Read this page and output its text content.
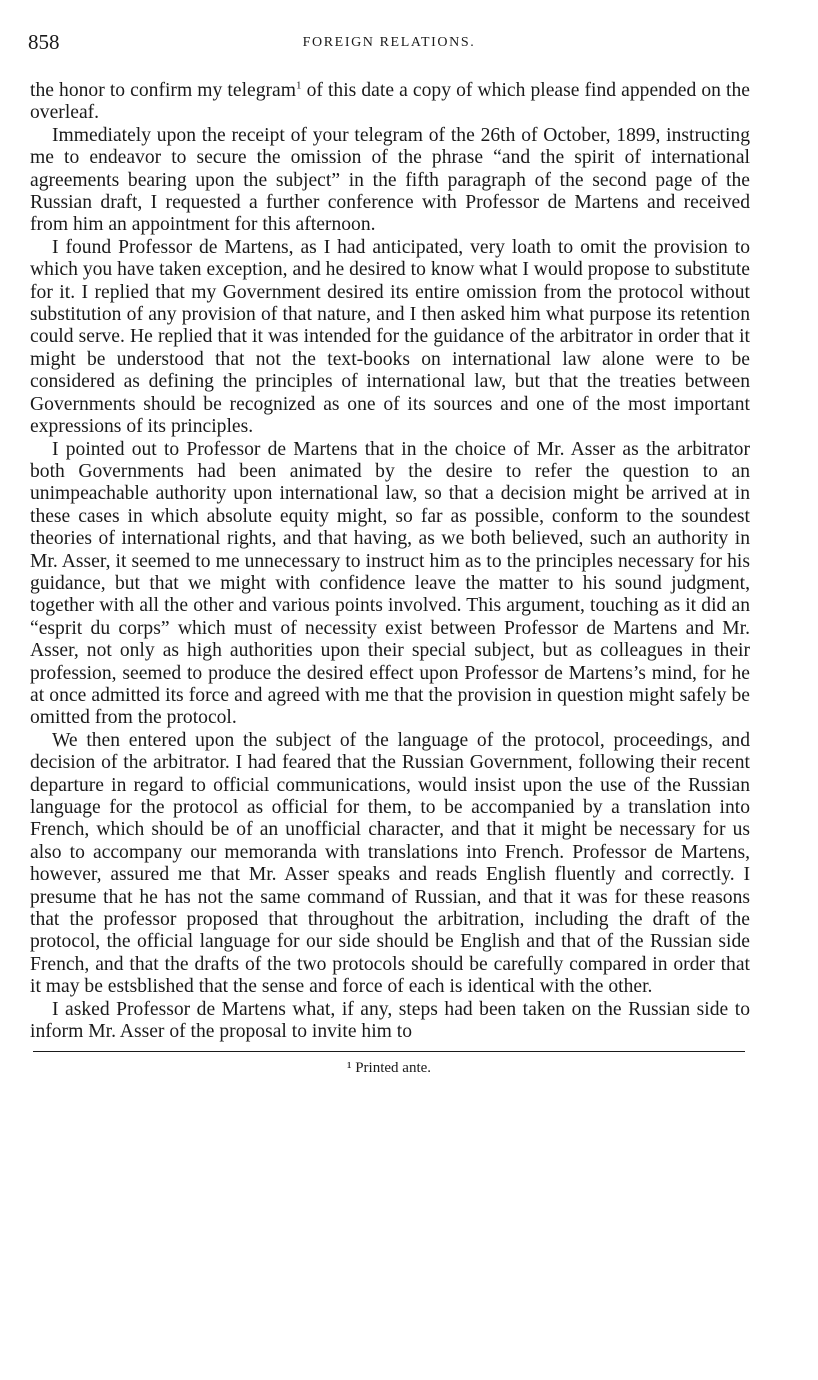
858	FOREIGN RELATIONS.

the honor to confirm my telegram$^1$ of this date a copy of which please find appended on the overleaf.

Immediately upon the receipt of your telegram of the 26th of October, 1899, instructing me to endeavor to secure the omission of the phrase “and the spirit of international agreements bearing upon the subject” in the fifth paragraph of the second page of the Russian draft, I requested a further conference with Professor de Martens and received from him an appointment for this afternoon.

I found Professor de Martens, as I had anticipated, very loath to omit the provision to which you have taken exception, and he desired to know what I would propose to substitute for it. I replied that my Government desired its entire omission from the protocol without substitution of any provision of that nature, and I then asked him what purpose its retention could serve. He replied that it was intended for the guidance of the arbitrator in order that it might be understood that not the text-books on international law alone were to be considered as defining the principles of international law, but that the treaties between Governments should be recognized as one of its sources and one of the most important expressions of its principles.

I pointed out to Professor de Martens that in the choice of Mr. Asser as the arbitrator both Governments had been animated by the desire to refer the question to an unimpeachable authority upon international law, so that a decision might be arrived at in these cases in which absolute equity might, so far as possible, conform to the soundest theories of international rights, and that having, as we both believed, such an authority in Mr. Asser, it seemed to me unnecessary to instruct him as to the principles necessary for his guidance, but that we might with confidence leave the matter to his sound judgment, together with all the other and various points involved. This argument, touching as it did an “esprit du corps” which must of necessity exist between Professor de Martens and Mr. Asser, not only as high authorities upon their special subject, but as colleagues in their profession, seemed to produce the desired effect upon Professor de Martens’s mind, for he at once admitted its force and agreed with me that the provision in question might safely be omitted from the protocol.

We then entered upon the subject of the language of the protocol, proceedings, and decision of the arbitrator. I had feared that the Russian Government, following their recent departure in regard to official communications, would insist upon the use of the Russian language for the protocol as official for them, to be accompanied by a translation into French, which should be of an unofficial character, and that it might be necessary for us also to accompany our memoranda with translations into French. Professor de Martens, however, assured me that Mr. Asser speaks and reads English fluently and correctly. I presume that he has not the same command of Russian, and that it was for these reasons that the professor proposed that throughout the arbitration, including the draft of the protocol, the official language for our side should be English and that of the Russian side French, and that the drafts of the two protocols should be carefully compared in order that it may be estsblished that the sense and force of each is identical with the other.

I asked Professor de Martens what, if any, steps had been taken on the Russian side to inform Mr. Asser of the proposal to invite him to

¹ Printed ante.
